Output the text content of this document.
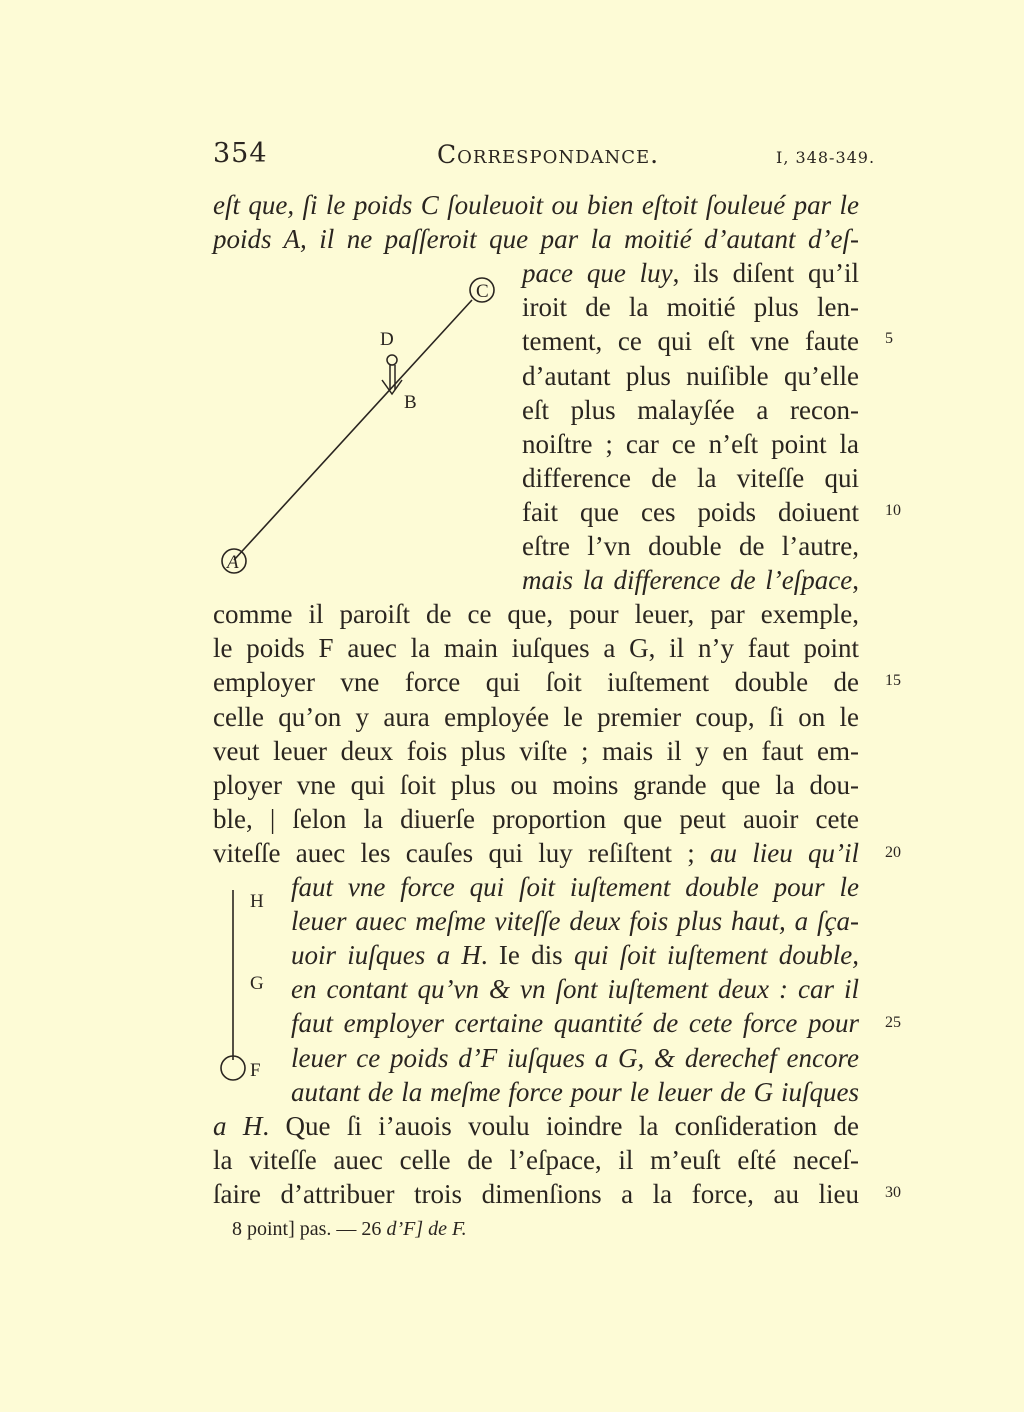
354	Correspondance.	I, 348-349.
eſt que, ſi le poids C ſouleuoit ou bien eſtoit ſouleué par le
poids A, il ne paſſeroit que par la moitié d’autant d’eſ-
pace que luy, ils diſent qu’il
iroit de la moitié plus len-
tement, ce qui eſt vne faute
d’autant plus nuiſible qu’elle
eſt plus malayſée a recon-
noiſtre ; car ce n’eſt point la
difference de la viteſſe qui
fait que ces poids doiuent
eſtre l’vn double de l’autre,
mais la difference de l’eſpace,
comme il paroiſt de ce que, pour leuer, par exemple,
le poids F auec la main iuſques a G, il n’y faut point
employer vne force qui ſoit iuſtement double de
celle qu’on y aura employée le premier coup, ſi on le
veut leuer deux fois plus viſte ; mais il y en faut em-
ployer vne qui ſoit plus ou moins grande que la dou-
ble, | ſelon la diuerſe proportion que peut auoir cete
viteſſe auec les cauſes qui luy reſiſtent ; au lieu qu’il
faut vne force qui ſoit iuſtement double pour le
leuer auec meſme viteſſe deux fois plus haut, a ſça-
uoir iuſques a H. Ie dis qui ſoit iuſtement double,
en contant qu’vn & vn ſont iuſtement deux : car il
faut employer certaine quantité de cete force pour
leuer ce poids d’F iuſques a G, & derechef encore
autant de la meſme force pour le leuer de G iuſques
a H. Que ſi i’auois voulu ioindre la conſideration de
la viteſſe auec celle de l’eſpace, il m’euſt eſté neceſ-
ſaire d’attribuer trois dimenſions a la force, au lieu
5
10
15
20
25
30
C
D
B
A
H
G
F
8 point] pas. — 26 d’F] de F.
